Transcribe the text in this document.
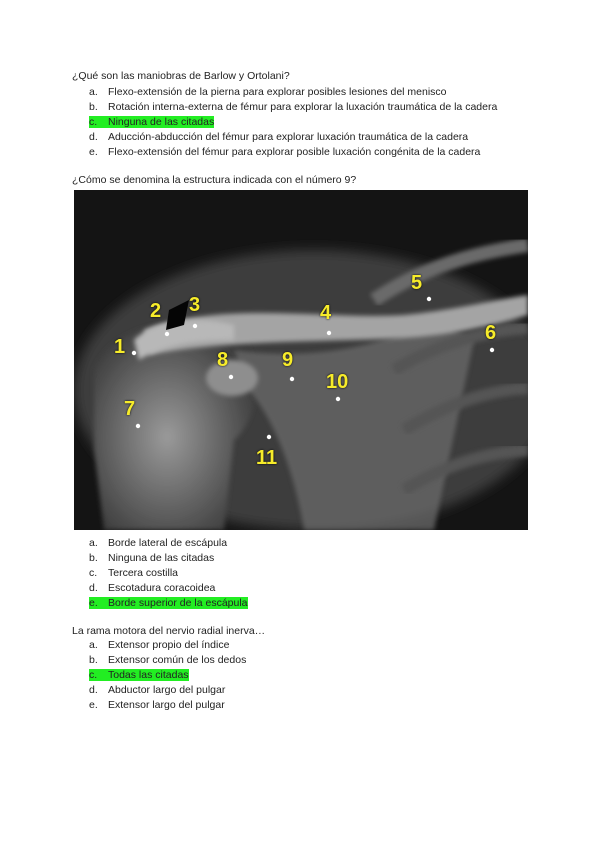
¿Qué son las maniobras de Barlow y Ortolani?
a. Flexo-extensión de la pierna para explorar posibles lesiones del menisco
b. Rotación interna-externa de fémur para explorar la luxación traumática de la cadera
c. Ninguna de las citadas
d. Aducción-abducción del fémur para explorar luxación traumática de la cadera
e. Flexo-extensión del fémur para explorar posible luxación congénita de la cadera
¿Cómo se denomina la estructura indicada con el número 9?
1
2 3	4
5
6
7
8	9
10
11
a. Borde lateral de escápula
b. Ninguna de las citadas
c. Tercera costilla
d. Escotadura coracoidea
e. Borde superior de la escápula
La rama motora del nervio radial inerva…
a. Extensor propio del índice
b. Extensor común de los dedos
c. Todas las citadas
d. Abductor largo del pulgar
e. Extensor largo del pulgar
